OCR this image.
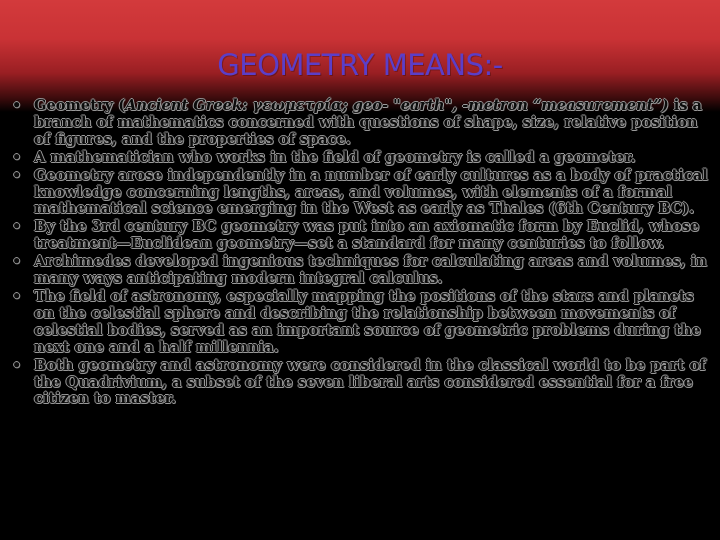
GEOMETRY MEANS:-
• Geometry (Ancient Greek: γεωμετρία; geo- "earth", -metron “measurement”) is a branch of mathematics concerned with questions of shape, size, relative position of figures, and the properties of space.
• A mathematician who works in the field of geometry is called a geometer.
• Geometry arose independently in a number of early cultures as a body of practical knowledge concerning lengths, areas, and volumes, with elements of a formal mathematical science emerging in the West as early as Thales (6th Century BC).
• By the 3rd century BC geometry was put into an axiomatic form by Euclid, whose treatment—Euclidean geometry—set a standard for many centuries to follow.
• Archimedes developed ingenious techniques for calculating areas and volumes, in many ways anticipating modern integral calculus.
• The field of astronomy, especially mapping the positions of the stars and planets on the celestial sphere and describing the relationship between movements of celestial bodies, served as an important source of geometric problems during the next one and a half millennia.
• Both geometry and astronomy were considered in the classical world to be part of the Quadrivium, a subset of the seven liberal arts considered essential for a free citizen to master.
